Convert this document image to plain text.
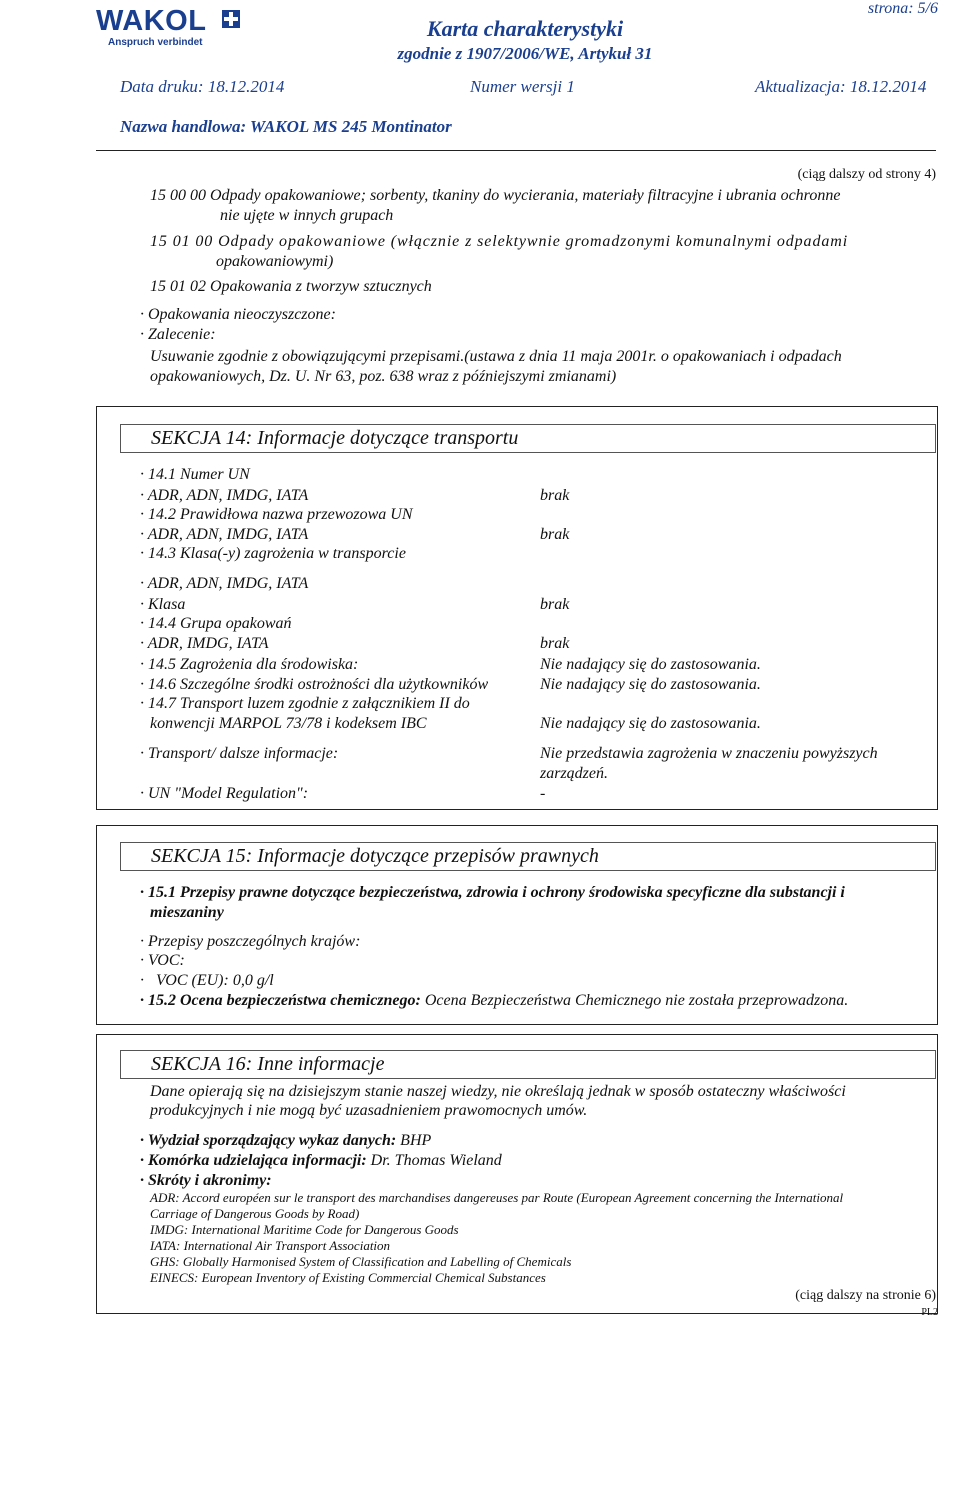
WAKOL
Anspruch verbindet
Karta charakterystyki
zgodnie z 1907/2006/WE, Artykuł 31
strona: 5/6
Data druku: 18.12.2014	Numer wersji 1	Aktualizacja: 18.12.2014
Nazwa handlowa: WAKOL MS 245 Montinator
(ciąg dalszy od strony 4)
15 00 00 Odpady opakowaniowe; sorbenty, tkaniny do wycierania, materiały filtracyjne i ubrania ochronne
nie ujęte w innych grupach
15 01 00 Odpady opakowaniowe (włącznie z selektywnie gromadzonymi komunalnymi odpadami
opakowaniowymi)
15 01 02 Opakowania z tworzyw sztucznych
· Opakowania nieoczyszczone:
· Zalecenie:
Usuwanie zgodnie z obowiązującymi przepisami.(ustawa z dnia 11 maja 2001r. o opakowaniach i odpadach
opakowaniowych, Dz. U. Nr 63, poz. 638 wraz z późniejszymi zmianami)
SEKCJA 14: Informacje dotyczące transportu
· 14.1 Numer UN
· ADR, ADN, IMDG, IATA	brak
· 14.2 Prawidłowa nazwa przewozowa UN
· ADR, ADN, IMDG, IATA	brak
· 14.3 Klasa(-y) zagrożenia w transporcie
· ADR, ADN, IMDG, IATA
· Klasa	brak
· 14.4 Grupa opakowań
· ADR, IMDG, IATA	brak
· 14.5 Zagrożenia dla środowiska:	Nie nadający się do zastosowania.
· 14.6 Szczególne środki ostrożności dla użytkowników	Nie nadający się do zastosowania.
· 14.7 Transport luzem zgodnie z załącznikiem II do
konwencji MARPOL 73/78 i kodeksem IBC	Nie nadający się do zastosowania.
· Transport/ dalsze informacje:	Nie przedstawia zagrożenia w znaczeniu powyższych
zarządzeń.
· UN "Model Regulation":	-
SEKCJA 15: Informacje dotyczące przepisów prawnych
· 15.1 Przepisy prawne dotyczące bezpieczeństwa, zdrowia i ochrony środowiska specyficzne dla substancji i
mieszaniny
· Przepisy poszczególnych krajów:
· VOC:
· VOC (EU): 0,0 g/l
· 15.2 Ocena bezpieczeństwa chemicznego: Ocena Bezpieczeństwa Chemicznego nie została przeprowadzona.
SEKCJA 16: Inne informacje
Dane opierają się na dzisiejszym stanie naszej wiedzy, nie określają jednak w sposób ostateczny właściwości
produkcyjnych i nie mogą być uzasadnieniem prawomocnych umów.
· Wydział sporządzający wykaz danych: BHP
· Komórka udzielająca informacji: Dr. Thomas Wieland
· Skróty i akronimy:
ADR: Accord européen sur le transport des marchandises dangereuses par Route (European Agreement concerning the International
Carriage of Dangerous Goods by Road)
IMDG: International Maritime Code for Dangerous Goods
IATA: International Air Transport Association
GHS: Globally Harmonised System of Classification and Labelling of Chemicals
EINECS: European Inventory of Existing Commercial Chemical Substances
(ciąg dalszy na stronie 6)
PL2
